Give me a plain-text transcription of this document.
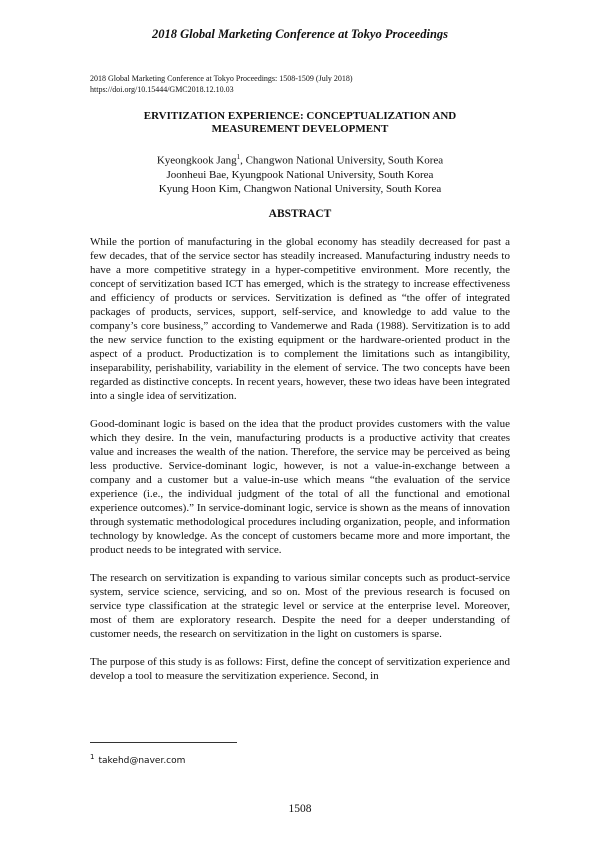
2018 Global Marketing Conference at Tokyo Proceedings
2018 Global Marketing Conference at Tokyo Proceedings: 1508-1509 (July 2018)
https://doi.org/10.15444/GMC2018.12.10.03
ERVITIZATION EXPERIENCE: CONCEPTUALIZATION AND
MEASUREMENT DEVELOPMENT
Kyeongkook Jang$^1$, Changwon National University, South Korea
Joonheui Bae, Kyungpook National University, South Korea
Kyung Hoon Kim, Changwon National University, South Korea
ABSTRACT

While the portion of manufacturing in the global economy has steadily decreased for past a few decades, that of the service sector has steadily increased. Manufacturing industry needs to have a more competitive strategy in a hyper-competitive environment. More recently, the concept of servitization based ICT has emerged, which is the strategy to increase effectiveness and efficiency of products or services. Servitization is defined as “the offer of integrated packages of products, services, support, self-service, and knowledge to add value to the company’s core business,” according to Vandemerwe and Rada (1988). Servitization is to add the new service function to the existing equipment or the hardware-oriented product in the aspect of a product. Productization is to complement the limitations such as intangibility, inseparability, perishability, variability in the element of service. The two concepts have been regarded as distinctive concepts. In recent years, however, these two ideas have been integrated into a single idea of servitization.

Good-dominant logic is based on the idea that the product provides customers with the value which they desire. In the vein, manufacturing products is a productive activity that creates value and increases the wealth of the nation. Therefore, the service may be perceived as being less productive. Service-dominant logic, however, is not a value-in-exchange between a company and a customer but a value-in-use which means “the evaluation of the service experience (i.e., the individual judgment of the total of all the functional and emotional experience outcomes).” In service-dominant logic, service is shown as the means of innovation through systematic methodological procedures including organization, people, and information technology by knowledge. As the concept of customers became more and more important, the product needs to be integrated with service.

The research on servitization is expanding to various similar concepts such as product-service system, service science, servicing, and so on. Most of the previous research is focused on service type classification at the strategic level or service at the enterprise level. Moreover, most of them are exploratory research. Despite the need for a deeper understanding of customer needs, the research on servitization in the light on customers is sparse.

The purpose of this study is as follows: First, define the concept of servitization experience and develop a tool to measure the servitization experience. Second, in

$^1$ takehd@naver.com
1508
